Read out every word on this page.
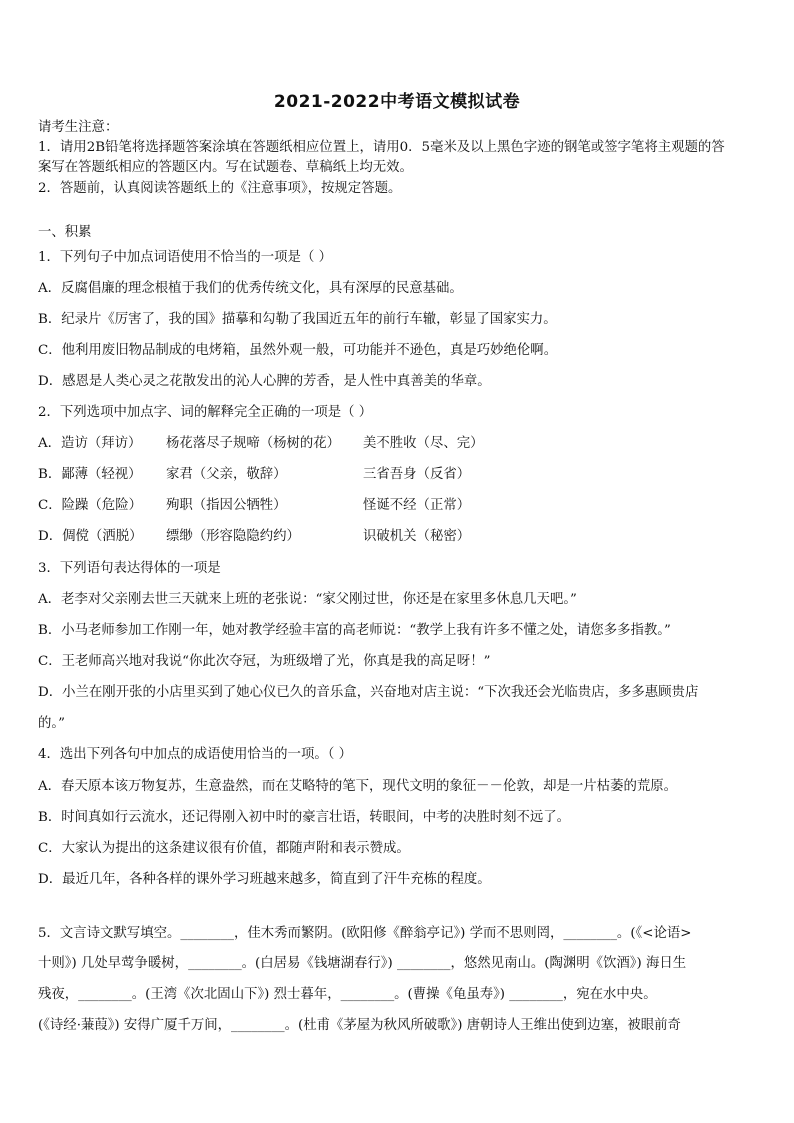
2021-2022中考语文模拟试卷
请考生注意：
1．请用2B铅笔将选择题答案涂填在答题纸相应位置上，请用0．5毫米及以上黑色字迹的钢笔或签字笔将主观题的答
案写在答题纸相应的答题区内。写在试题卷、草稿纸上均无效。
2．答题前，认真阅读答题纸上的《注意事项》，按规定答题。
一、积累
1．下列句子中加点词语使用不恰当的一项是（ ）
A．反腐倡廉的理念根植于我们的优秀传统文化，具有深厚的民意基础。
B．纪录片《厉害了，我的国》描摹和勾勒了我国近五年的前行车辙，彰显了国家实力。
C．他利用废旧物品制成的电烤箱，虽然外观一般，可功能并不逊色，真是巧妙绝伦啊。
D．感恩是人类心灵之花散发出的沁人心脾的芳香，是人性中真善美的华章。
2．下列选项中加点字、词的解释完全正确的一项是（ ）
A．造访（拜访） 杨花落尽子规啼（杨树的花） 美不胜收（尽、完）
B．鄙薄（轻视） 家君（父亲，敬辞）	三省吾身（反省）
C．险躁（危险） 殉职（指因公牺牲）	怪诞不经（正常）
D．倜傥（洒脱） 缥缈（形容隐隐约约）	识破机关（秘密）
3．下列语句表达得体的一项是
A．老李对父亲刚去世三天就来上班的老张说：“家父刚过世，你还是在家里多休息几天吧。”
B．小马老师参加工作刚一年，她对教学经验丰富的高老师说：“教学上我有许多不懂之处，请您多多指教。”
C．王老师高兴地对我说“你此次夺冠，为班级增了光，你真是我的高足呀！”
D．小兰在刚开张的小店里买到了她心仪已久的音乐盒，兴奋地对店主说：“下次我还会光临贵店，多多惠顾贵店
的。”
4．选出下列各句中加点的成语使用恰当的一项。（ ）
A．春天原本该万物复苏，生意盎然，而在艾略特的笔下，现代文明的象征－－伦敦，却是一片枯萎的荒原。
B．时间真如行云流水，还记得刚入初中时的豪言壮语，转眼间，中考的决胜时刻不远了。
C．大家认为提出的这条建议很有价值，都随声附和表示赞成。
D．最近几年，各种各样的课外学习班越来越多，简直到了汗牛充栋的程度。
5．文言诗文默写填空。________，佳木秀而繁阴。(欧阳修《醉翁亭记》) 学而不思则罔，________。(《<论语>
十则》) 几处早莺争暖树，________。(白居易《钱塘湖春行》) ________，悠然见南山。(陶渊明《饮酒》) 海日生
残夜，________。(王湾《次北固山下》) 烈士暮年，________。(曹操《龟虽寿》) ________，宛在水中央。
(《诗经·蒹葭》) 安得广厦千万间，________。(杜甫《茅屋为秋风所破歌》) 唐朝诗人王维出使到边塞，被眼前奇
